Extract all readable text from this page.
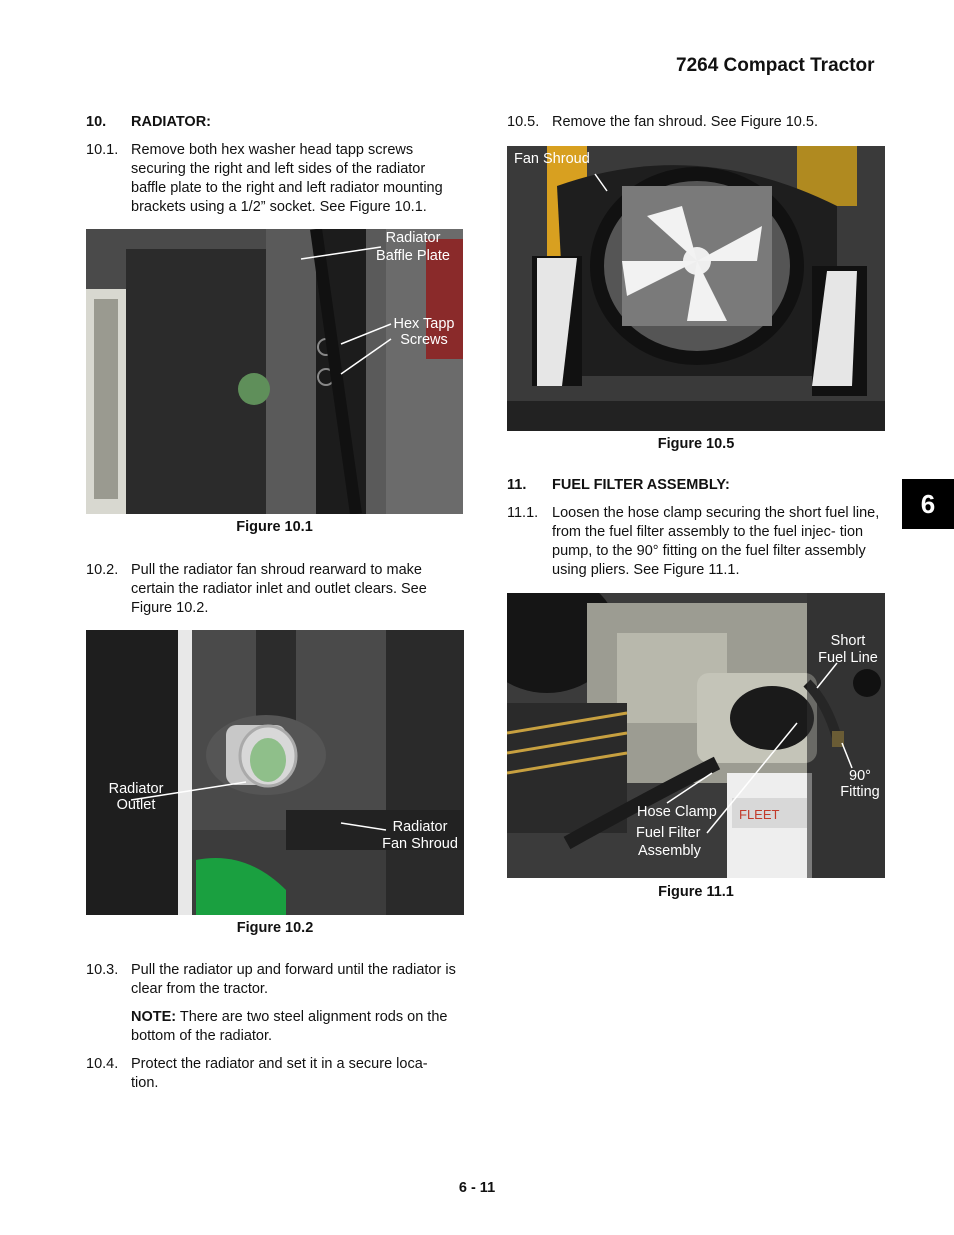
7264 Compact Tractor
6
10.	RADIATOR:
10.1. Remove both hex washer head tapp screws securing the right and left sides of the radiator baffle plate to the right and left radiator mounting brackets using a 1/2” socket. See Figure 10.1.
Radiator
Baffle Plate
Hex Tapp
Screws
Figure 10.1
10.2. Pull the radiator fan shroud rearward to make certain the radiator inlet and outlet clears. See Figure 10.2.
Radiator
Outlet
Radiator
Fan Shroud
Figure 10.2
10.3. Pull the radiator up and forward until the radiator is clear from the tractor.
NOTE: There are two steel alignment rods on the bottom of the radiator.
10.4. Protect the radiator and set it in a secure loca- tion.
10.5. Remove the fan shroud. See Figure 10.5.
Fan Shroud
Figure 10.5
11.	FUEL FILTER ASSEMBLY:
11.1. Loosen the hose clamp securing the short fuel line, from the fuel filter assembly to the fuel injec- tion pump, to the 90° fitting on the fuel filter assembly using pliers. See Figure 11.1.
FLEET
Short
Fuel Line
90°
Fitting
Hose Clamp
Fuel Filter
Assembly
Figure 11.1
6 - 11
